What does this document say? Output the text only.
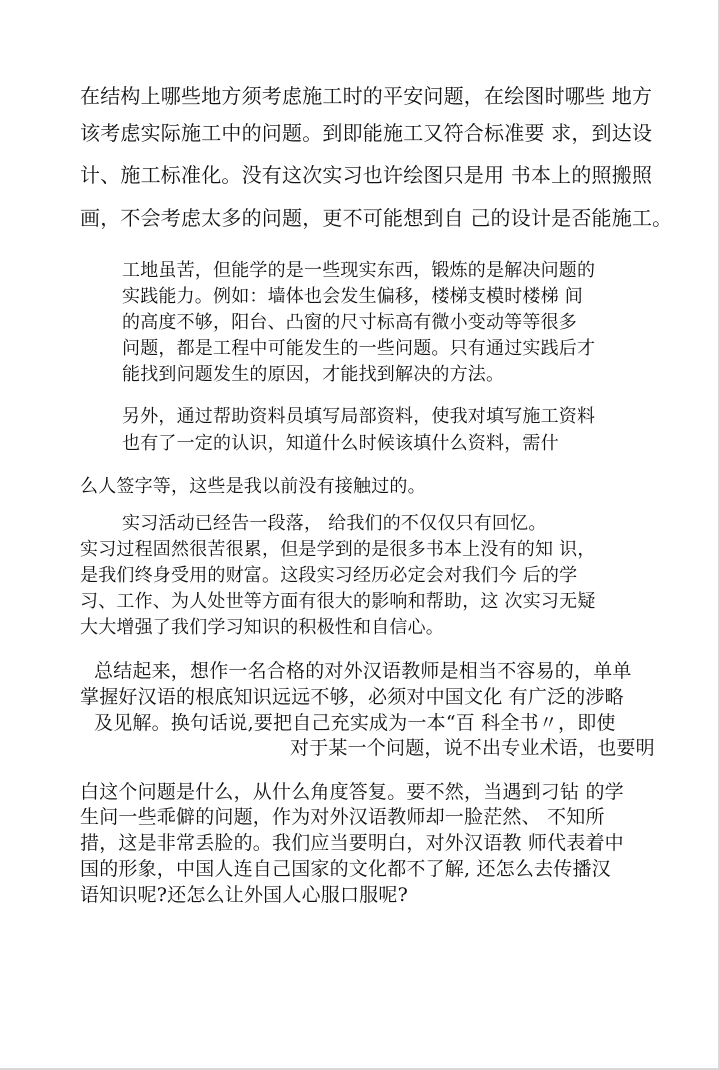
在结构上哪些地方须考虑施工时的平安问题，在绘图时哪些 地方
该考虑实际施工中的问题。到即能施工又符合标准要 求，到达设
计、施工标准化。没有这次实习也许绘图只是用 书本上的照搬照
画，不会考虑太多的问题，更不可能想到自 己的设计是否能施工。
工地虽苦，但能学的是一些现实东西，锻炼的是解决问题的
实践能力。例如：墙体也会发生偏移，楼梯支模时楼梯 间
的高度不够，阳台、凸窗的尺寸标高有微小变动等等很多
问题，都是工程中可能发生的一些问题。只有通过实践后才
能找到问题发生的原因，才能找到解决的方法。
另外，通过帮助资料员填写局部资料，使我对填写施工资料
也有了一定的认识，知道什么时候该填什么资料，需什
么人签字等，这些是我以前没有接触过的。
实习活动已经告一段落， 给我们的不仅仅只有回忆。
实习过程固然很苦很累，但是学到的是很多书本上没有的知 识，
是我们终身受用的财富。这段实习经历必定会对我们今 后的学
习、工作、为人处世等方面有很大的影响和帮助，这 次实习无疑
大大增强了我们学习知识的积极性和自信心。
总结起来，想作一名合格的对外汉语教师是相当不容易的，单单
掌握好汉语的根底知识远远不够，必须对中国文化 有广泛的涉略
及见解。换句话说,要把自己充实成为一本“百 科全书〃，即使
对于某一个问题，说不出专业术语，也要明
白这个问题是什么，从什么角度答复。要不然，当遇到刁钻 的学
生问一些乖僻的问题，作为对外汉语教师却一脸茫然、 不知所
措，这是非常丢脸的。我们应当要明白，对外汉语教 师代表着中
国的形象，中国人连自己国家的文化都不了解, 还怎么去传播汉
语知识呢?还怎么让外国人心服口服呢?
